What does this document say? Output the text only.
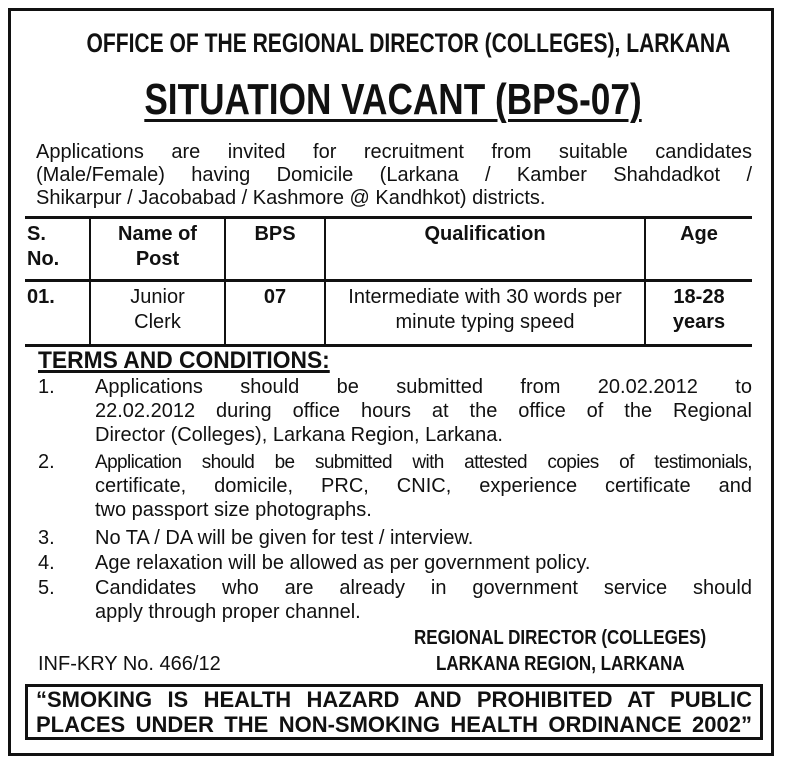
OFFICE OF THE REGIONAL DIRECTOR (COLLEGES), LARKANA
SITUATION VACANT (BPS-07)
Applications are invited for recruitment from suitable candidates
(Male/Female) having Domicile (Larkana / Kamber Shahdadkot /
Shikarpur / Jacobabad / Kashmore @ Kandhkot) districts.
S. No.	Name of Post	BPS	Qualification	Age
01.	Junior Clerk	07	Intermediate with 30 words per minute typing speed	18-28 years
TERMS AND CONDITIONS:
1. Applications should be submitted from 20.02.2012 to
22.02.2012 during office hours at the office of the Regional
Director (Colleges), Larkana Region, Larkana.
2. Application should be submitted with attested copies of testimonials,
certificate, domicile, PRC, CNIC, experience certificate and
two passport size photographs.
3. No TA / DA will be given for test / interview.
4. Age relaxation will be allowed as per government policy.
5. Candidates who are already in government service should
apply through proper channel.
REGIONAL DIRECTOR (COLLEGES)
LARKANA REGION, LARKANA
INF-KRY No. 466/12
“SMOKING IS HEALTH HAZARD AND PROHIBITED AT PUBLIC
PLACES UNDER THE NON-SMOKING HEALTH ORDINANCE 2002”
